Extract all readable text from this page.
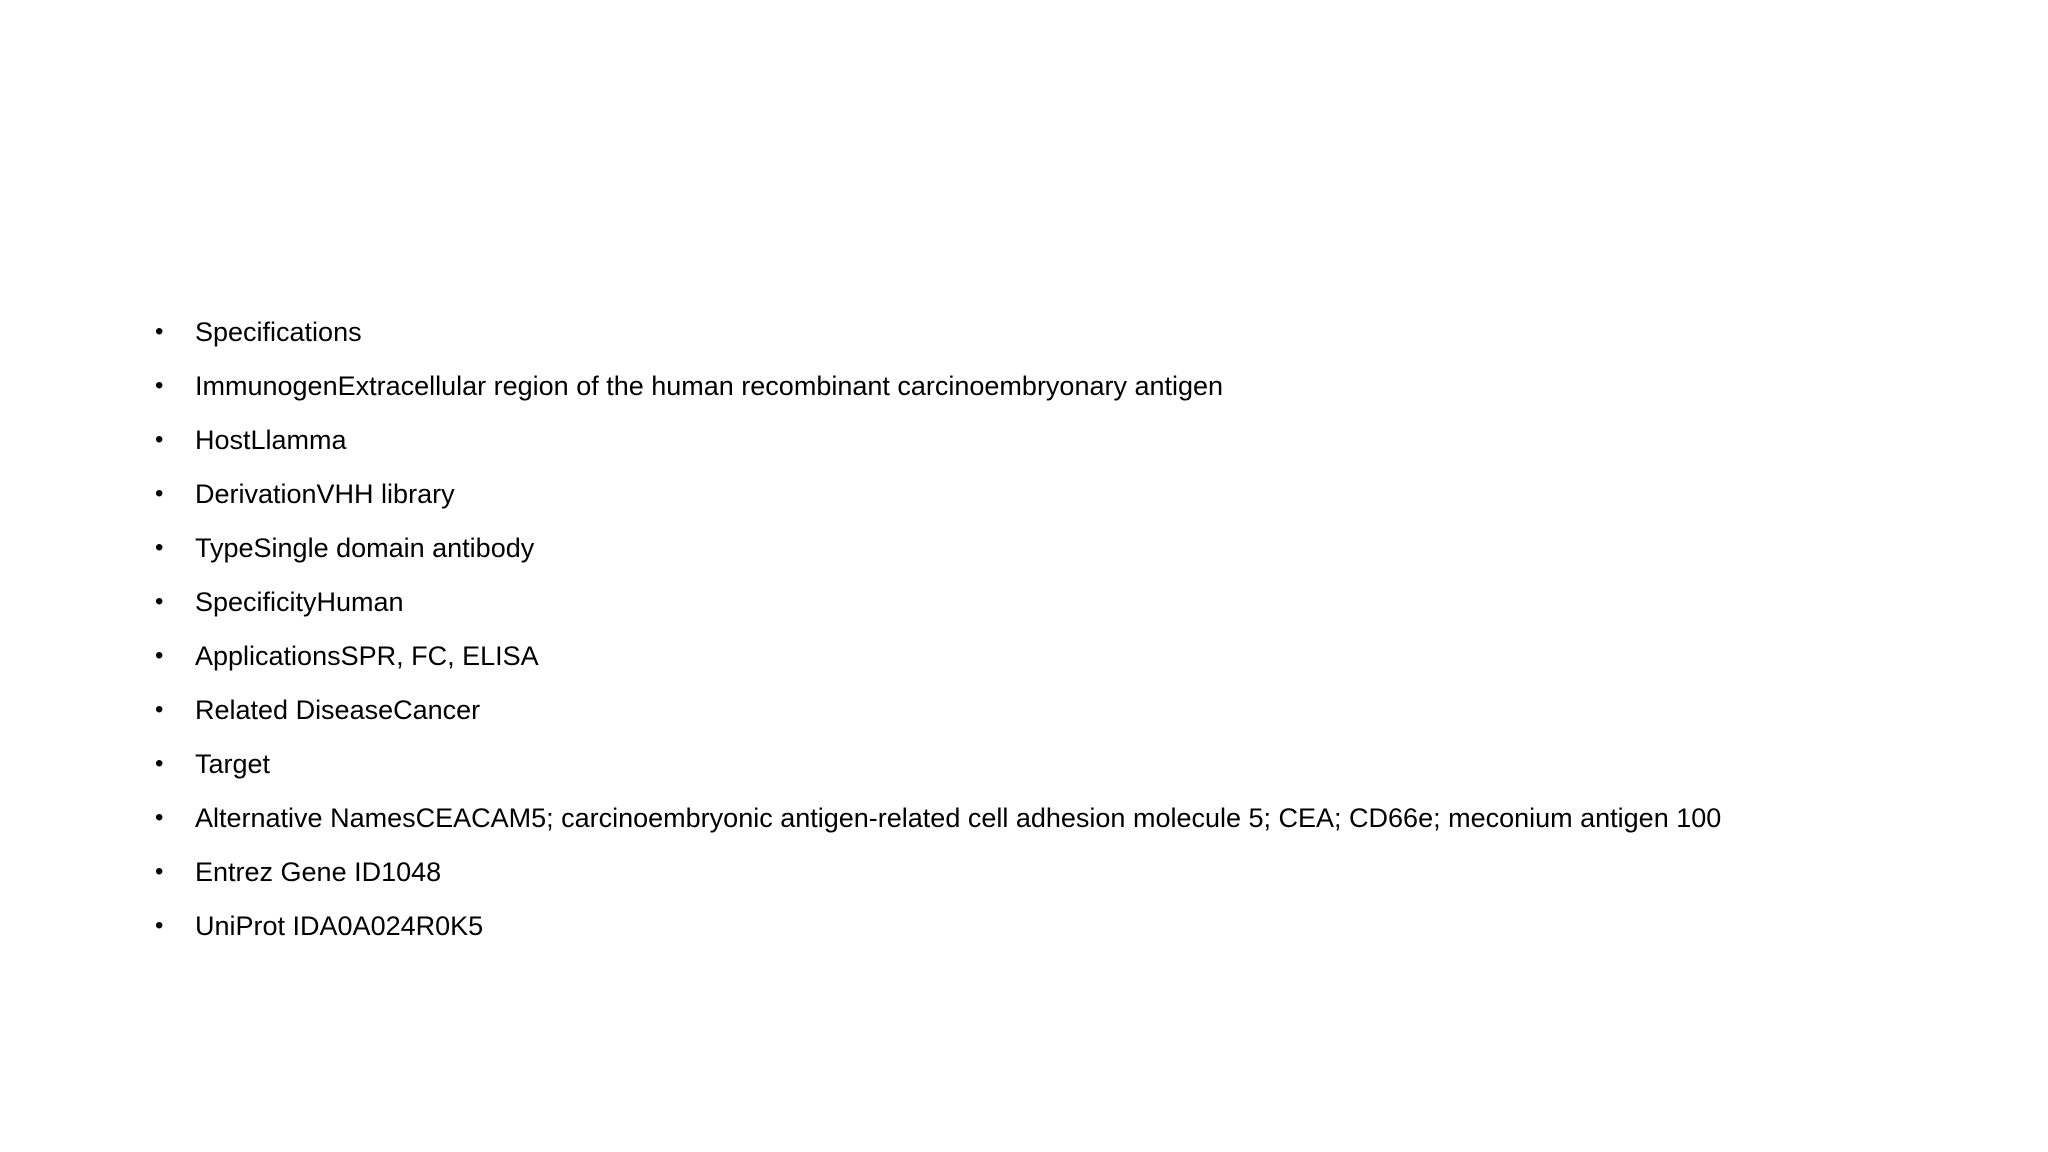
•	Specifications
•	ImmunogenExtracellular region of the human recombinant carcinoembryonary antigen
•	HostLlamma
•	DerivationVHH library
•	TypeSingle domain antibody
•	SpecificityHuman
•	ApplicationsSPR, FC, ELISA
•	Related DiseaseCancer
•	Target
•	Alternative NamesCEACAM5; carcinoembryonic antigen-related cell adhesion molecule 5; CEA; CD66e; meconium antigen 100
•	Entrez Gene ID1048
•	UniProt IDA0A024R0K5
